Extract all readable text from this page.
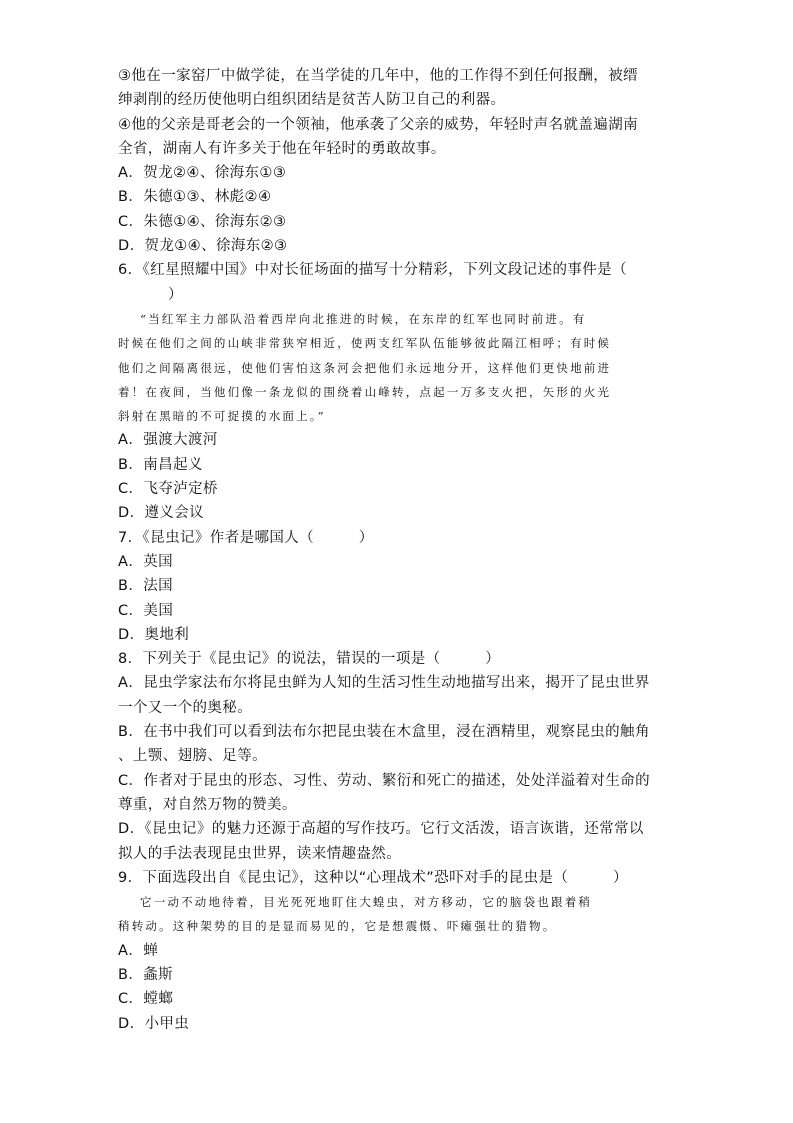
③他在一家窑厂中做学徒，在当学徒的几年中，他的工作得不到任何报酬，被缙
绅剥削的经历使他明白组织团结是贫苦人防卫自己的利器。
④他的父亲是哥老会的一个领袖，他承袭了父亲的威势，年轻时声名就盖遍湖南
全省，湖南人有许多关于他在年轻时的勇敢故事。
A．贺龙②④、徐海东①③
B．朱德①③、林彪②④
C．朱德①④、徐海东②③
D．贺龙①④、徐海东②③
6．《红星照耀中国》中对长征场面的描写十分精彩，下列文段记述的事件是（
）
“当红军主力部队沿着西岸向北推进的时候，在东岸的红军也同时前进。有
时候在他们之间的山峡非常狭窄相近，使两支红军队伍能够彼此隔江相呼；有时候
他们之间隔离很远，使他们害怕这条河会把他们永远地分开，这样他们更快地前进
着！在夜间，当他们像一条龙似的围绕着山峰转，点起一万多支火把，矢形的火光
斜射在黑暗的不可捉摸的水面上。”
A．强渡大渡河
B．南昌起义
C．飞夺泸定桥
D．遵义会议
7．《昆虫记》作者是哪国人（　　　）
A．英国
B．法国
C．美国
D．奥地利
8．下列关于《昆虫记》的说法，错误的一项是（　　　）
A．昆虫学家法布尔将昆虫鲜为人知的生活习性生动地描写出来，揭开了昆虫世界
一个又一个的奥秘。
B．在书中我们可以看到法布尔把昆虫装在木盒里，浸在酒精里，观察昆虫的触角
、上颚、翅膀、足等。
C．作者对于昆虫的形态、习性、劳动、繁衍和死亡的描述，处处洋溢着对生命的
尊重，对自然万物的赞美。
D．《昆虫记》的魅力还源于高超的写作技巧。它行文活泼，语言诙谐，还常常以
拟人的手法表现昆虫世界，读来情趣盎然。
9．下面选段出自《昆虫记》，这种以“心理战术”恐吓对手的昆虫是（　　　）
它一动不动地待着，目光死死地盯住大蝗虫，对方移动，它的脑袋也跟着稍
稍转动。这种架势的目的是显而易见的，它是想震慑、吓瘫强壮的猎物。
A．蝉
B．螽斯
C．螳螂
D．小甲虫
